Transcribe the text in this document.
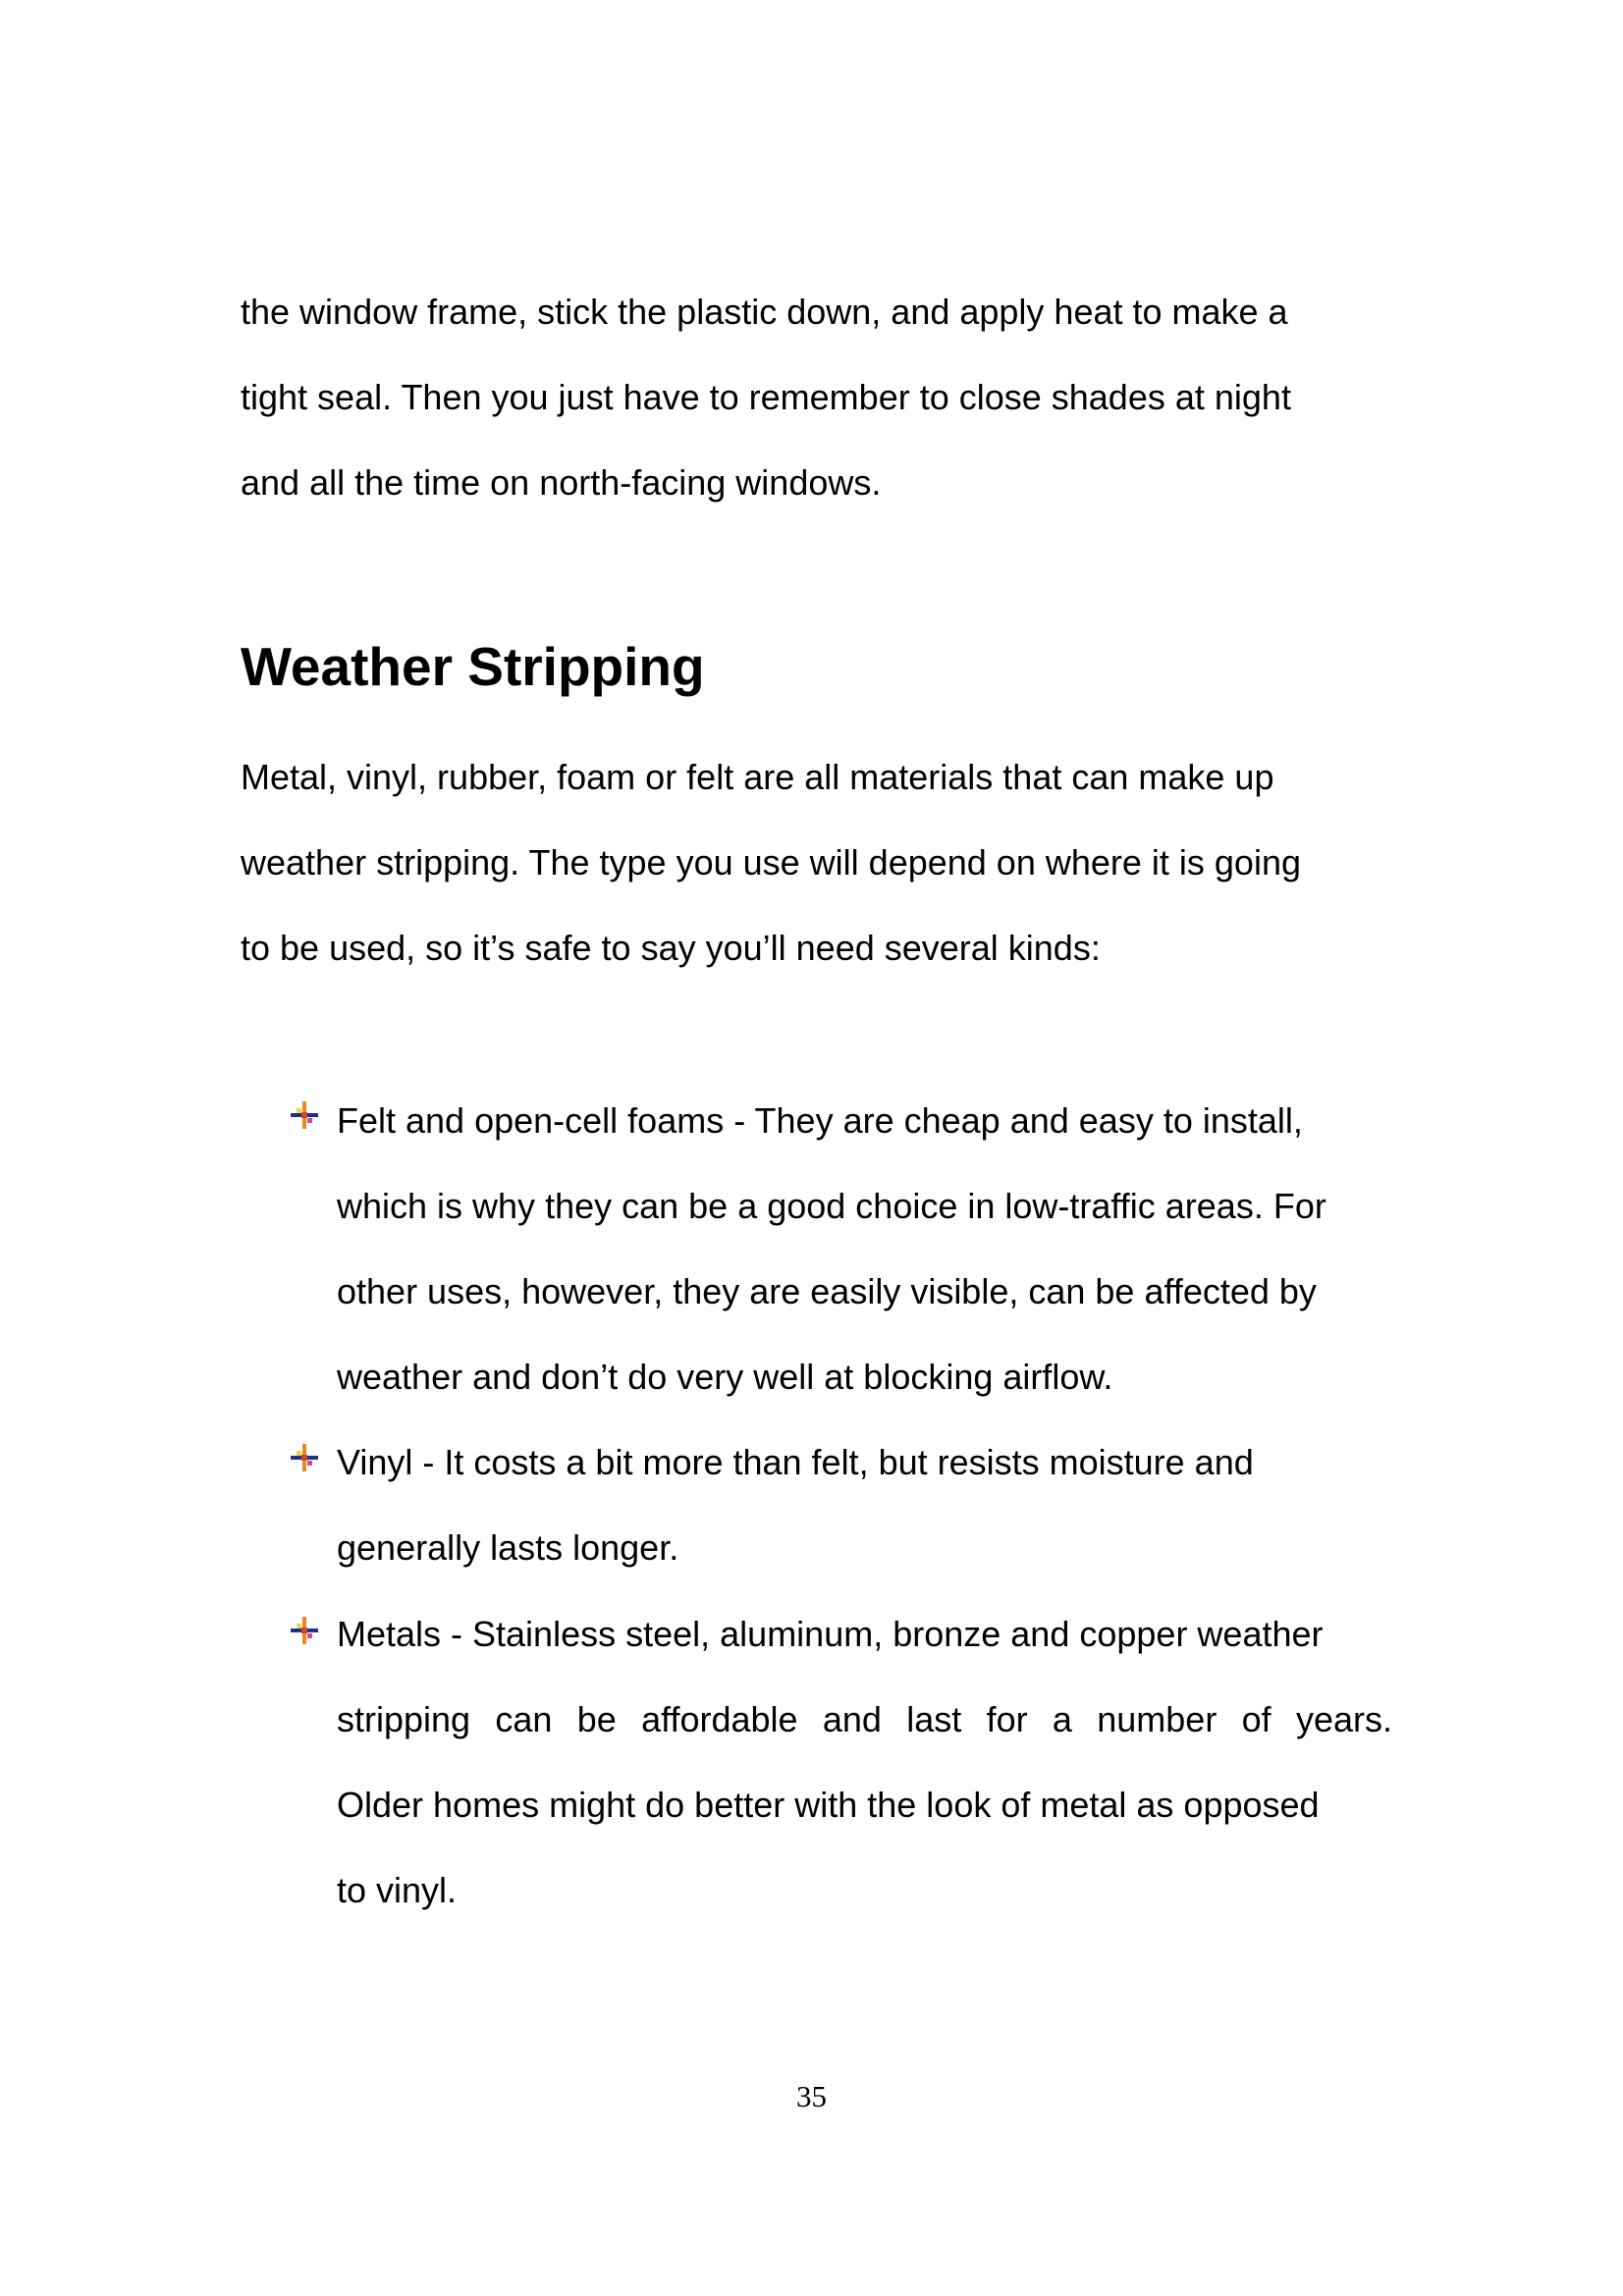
the window frame, stick the plastic down, and apply heat to make a
tight seal. Then you just have to remember to close shades at night
and all the time on north-facing windows.
Weather Stripping
Metal, vinyl, rubber, foam or felt are all materials that can make up
weather stripping. The type you use will depend on where it is going
to be used, so it’s safe to say you’ll need several kinds:
Felt and open-cell foams - They are cheap and easy to install,
which is why they can be a good choice in low-traffic areas. For
other uses, however, they are easily visible, can be affected by
weather and don’t do very well at blocking airflow.
Vinyl - It costs a bit more than felt, but resists moisture and
generally lasts longer.
Metals - Stainless steel, aluminum, bronze and copper weather
stripping can be affordable and last for a number of years.
Older homes might do better with the look of metal as opposed
to vinyl.
35
